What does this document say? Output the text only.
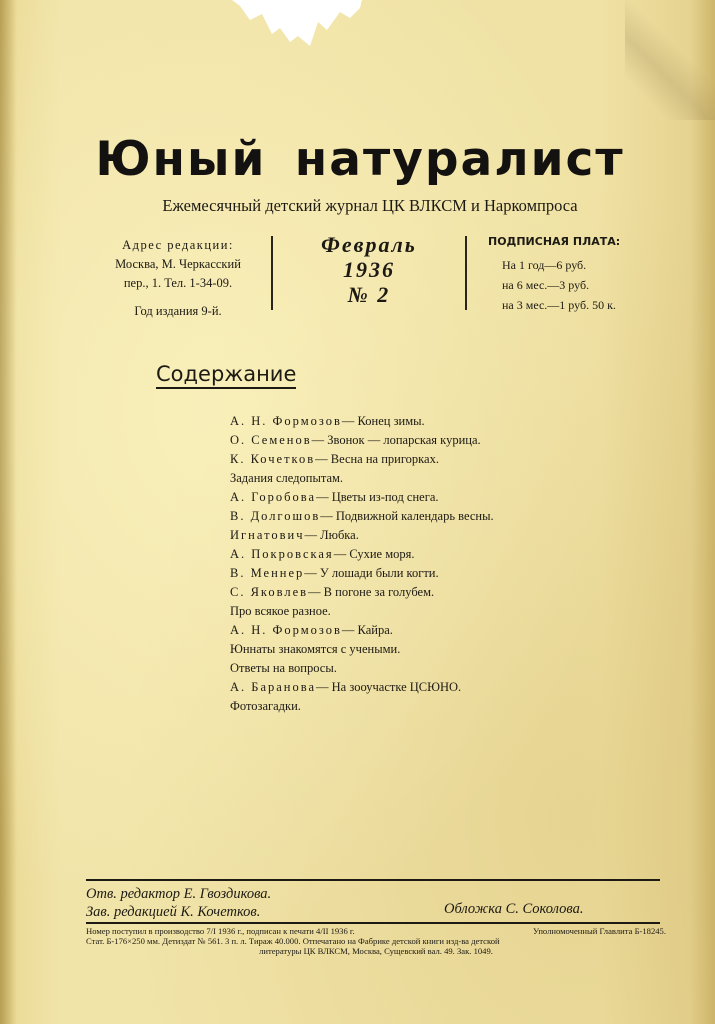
Юный натуралист
Ежемесячный детский журнал ЦК ВЛКСМ и Наркомпроса
Адрес редакции:
Москва, М. Черкасский
пер., 1. Тел. 1-34-09.
Год издания 9-й.
Февраль
1936
№ 2
ПОДПИСНАЯ ПЛАТА:
На 1 год—6 руб.
на 6 мес.—3 руб.
на 3 мес.—1 руб. 50 к.
Содержание
А. Н. Формозов— Конец зимы.
О. Семенов— Звонок — лопарская курица.
К. Кочетков— Весна на пригорках.
Задания следопытам.
А. Горобова— Цветы из-под снега.
В. Долгошов— Подвижной календарь весны.
Игнатович— Любка.
А. Покровская— Сухие моря.
В. Меннер— У лошади были когти.
С. Яковлев— В погоне за голубем.
Про всякое разное.
А. Н. Формозов— Кайра.
Юннаты знакомятся с учеными.
Ответы на вопросы.
А. Баранова— На зооучастке ЦСЮНО.
Фотозагадки.
Отв. редактор Е. Гвоздикова.
Зав. редакцией К. Кочетков.	Обложка С. Соколова.
Номер поступил в производство 7/I 1936 г., подписан к печати 4/II 1936 г.	Уполномоченный Главлита Б-18245.
Стат. Б-176×250 мм. Детиздат № 561. 3 п. л. Тираж 40.000. Отпечатано на Фабрике детской книги изд-ва детской
литературы ЦК ВЛКСМ, Москва, Сущевский вал. 49. Зак. 1049.
